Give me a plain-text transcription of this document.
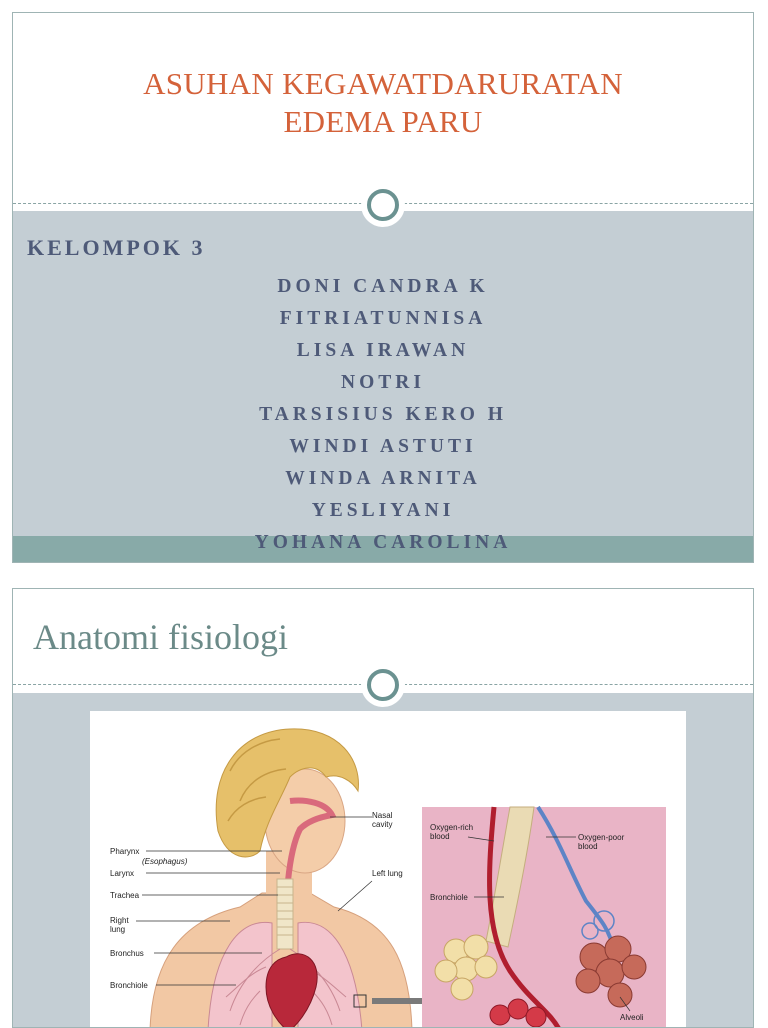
ASUHAN KEGAWATDARURATAN
EDEMA PARU
KELOMPOK 3
DONI CANDRA K
FITRIATUNNISA
LISA IRAWAN
NOTRI
TARSISIUS KERO H
WINDI ASTUTI
WINDA ARNITA
YESLIYANI
YOHANA CAROLINA
Anatomi fisiologi
Nasal
cavity
Pharynx
(Esophagus)
Larynx
Trachea
Right
lung
Bronchus
Bronchiole
Left lung
Oxygen-rich
blood	Oxygen-poor
blood
Bronchiole
Alveoli
